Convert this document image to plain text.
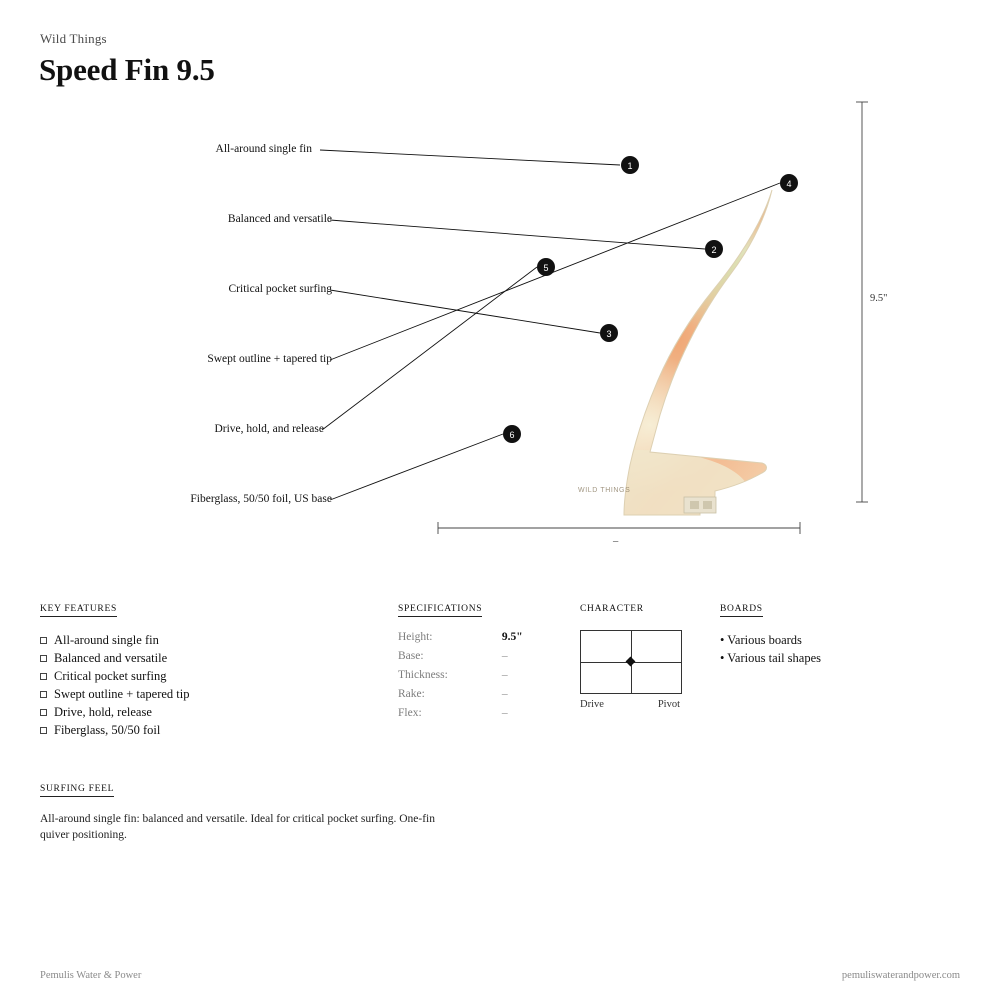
Wild Things
Speed Fin 9.5
WILD THINGS
1
2
3
4
5
6
All-around single fin
Balanced and versatile
Critical pocket surfing
Swept outline + tapered tip
Drive, hold, and release
Fiberglass, 50/50 foil, US base
9.5"
–
KEY FEATURES
All-around single fin
Balanced and versatile
Critical pocket surfing
Swept outline + tapered tip
Drive, hold, release
Fiberglass, 50/50 foil
SPECIFICATIONS
Height:	9.5"
Base:	–
Thickness:	–
Rake:	–
Flex:	–
CHARACTER
Drive	Pivot
BOARDS
• Various boards
• Various tail shapes
SURFING FEEL
All-around single fin: balanced and versatile. Ideal for critical pocket surfing. One-fin quiver positioning.
Pemulis Water & Power	pemuliswaterandpower.com
